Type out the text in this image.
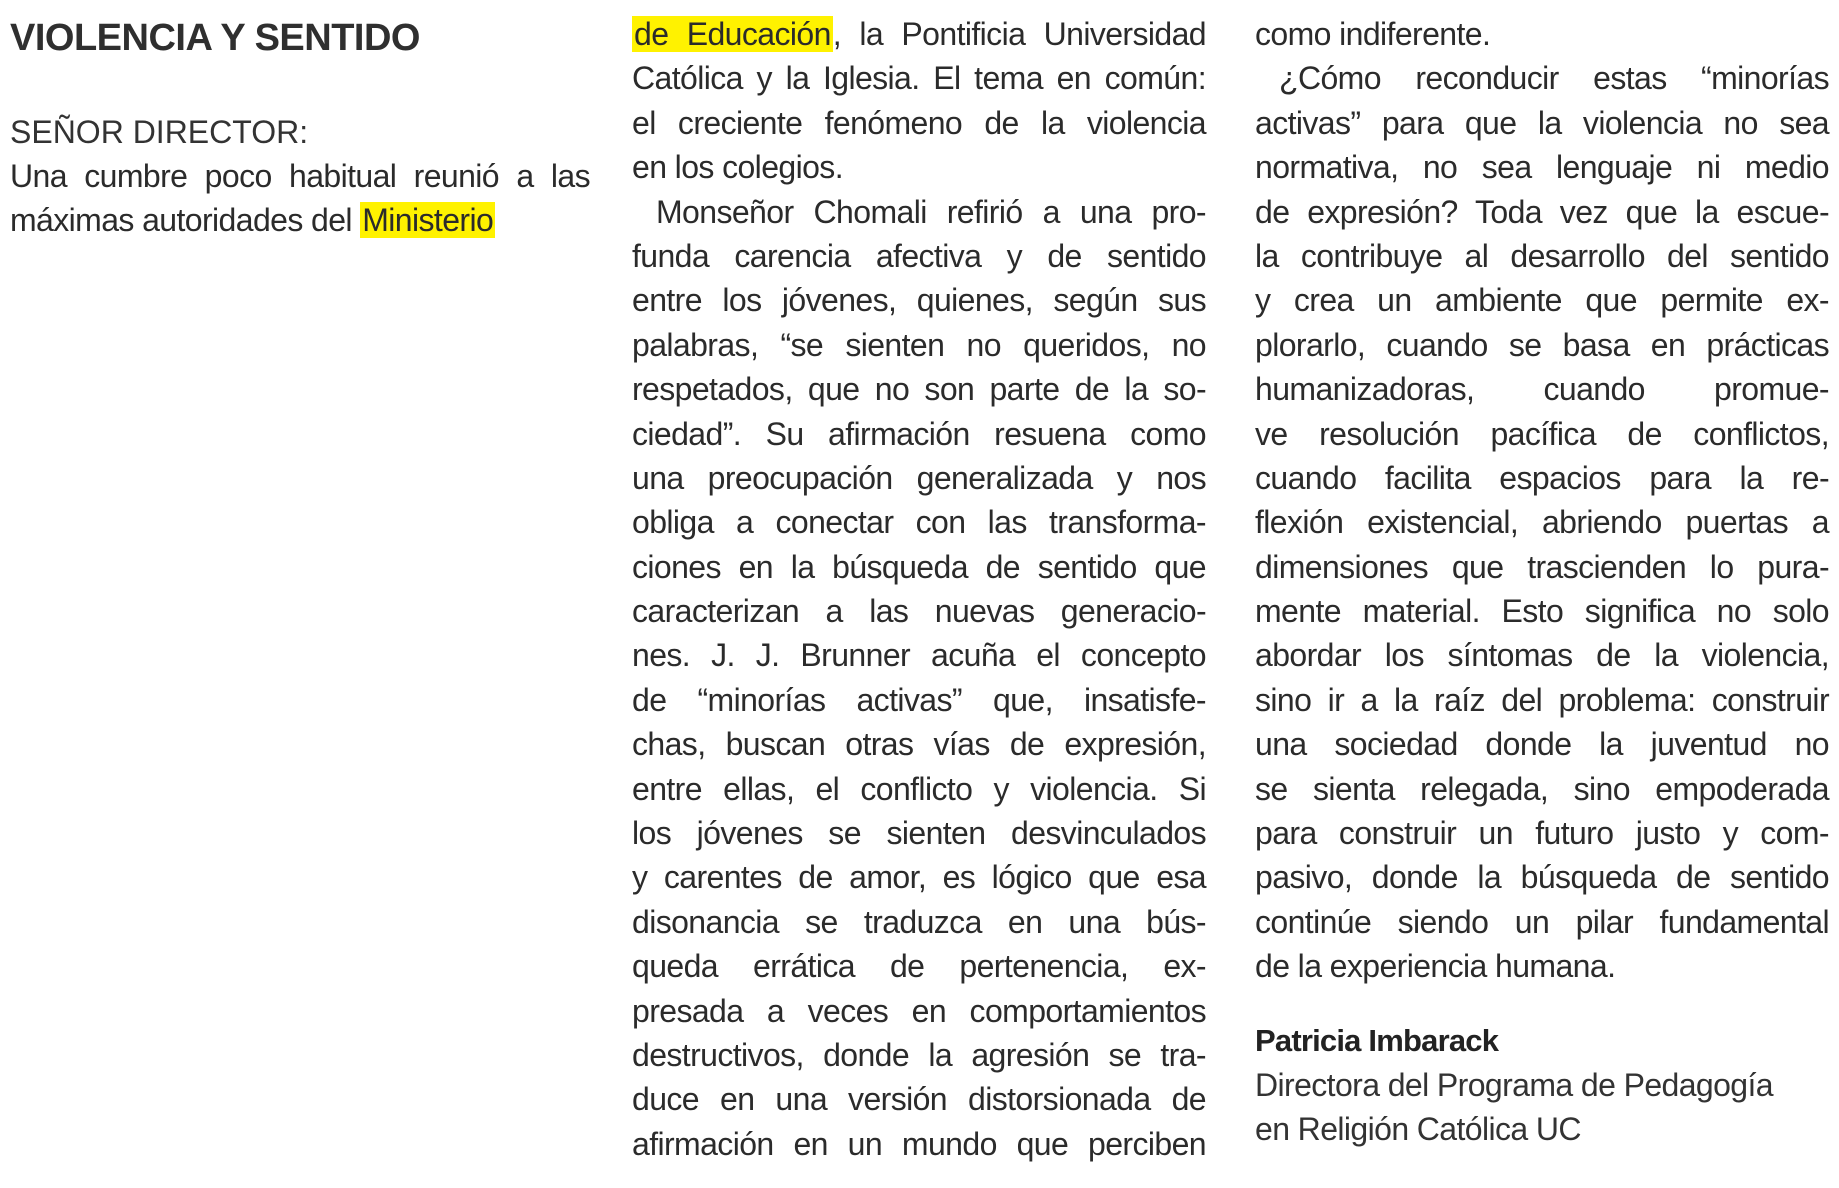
VIOLENCIA Y SENTIDO
SEÑOR DIRECTOR:
Una cumbre poco habitual reunió a las
máximas autoridades del Ministerio
de Educación, la Pontificia Universidad
Católica y la Iglesia. El tema en común:
el creciente fenómeno de la violencia
en los colegios.
Monseñor Chomali refirió a una pro-
funda carencia afectiva y de sentido
entre los jóvenes, quienes, según sus
palabras, “se sienten no queridos, no
respetados, que no son parte de la so-
ciedad”. Su afirmación resuena como
una preocupación generalizada y nos
obliga a conectar con las transforma-
ciones en la búsqueda de sentido que
caracterizan a las nuevas generacio-
nes. J. J. Brunner acuña el concepto
de “minorías activas” que, insatisfe-
chas, buscan otras vías de expresión,
entre ellas, el conflicto y violencia. Si
los jóvenes se sienten desvinculados
y carentes de amor, es lógico que esa
disonancia se traduzca en una bús-
queda errática de pertenencia, ex-
presada a veces en comportamientos
destructivos, donde la agresión se tra-
duce en una versión distorsionada de
afirmación en un mundo que perciben
como indiferente.
¿Cómo reconducir estas “minorías
activas” para que la violencia no sea
normativa, no sea lenguaje ni medio
de expresión? Toda vez que la escue-
la contribuye al desarrollo del sentido
y crea un ambiente que permite ex-
plorarlo, cuando se basa en prácticas
humanizadoras, cuando promue-
ve resolución pacífica de conflictos,
cuando facilita espacios para la re-
flexión existencial, abriendo puertas a
dimensiones que trascienden lo pura-
mente material. Esto significa no solo
abordar los síntomas de la violencia,
sino ir a la raíz del problema: construir
una sociedad donde la juventud no
se sienta relegada, sino empoderada
para construir un futuro justo y com-
pasivo, donde la búsqueda de sentido
continúe siendo un pilar fundamental
de la experiencia humana.
Patricia Imbarack
Directora del Programa de Pedagogía
en Religión Católica UC
